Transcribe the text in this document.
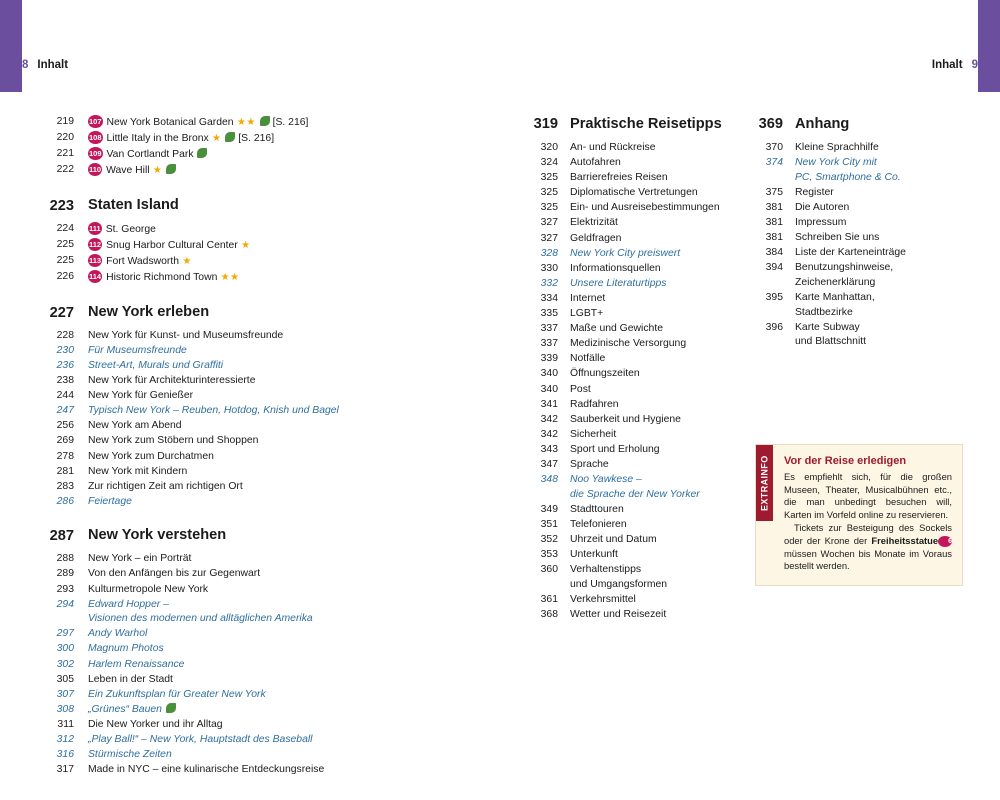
8 Inhalt	Inhalt 9
219	107 New York Botanical Garden ★★  [S. 216]
220	108 Little Italy in the Bronx ★  [S. 216]
221	109 Van Cortlandt Park
222	110 Wave Hill ★
223 Staten Island
224	111 St. George
225	112 Snug Harbor Cultural Center ★
225	113 Fort Wadsworth ★
226	114 Historic Richmond Town ★★
227 New York erleben
228	New York für Kunst- und Museumsfreunde
230	Für Museumsfreunde
236	Street-Art, Murals und Graffiti
238	New York für Architekturinteressierte
244	New York für Genießer
247	Typisch New York – Reuben, Hotdog, Knish und Bagel
256	New York am Abend
269	New York zum Stöbern und Shoppen
278	New York zum Durchatmen
281	New York mit Kindern
283	Zur richtigen Zeit am richtigen Ort
286	Feiertage
287 New York verstehen
288	New York – ein Porträt
289	Von den Anfängen bis zur Gegenwart
293	Kulturmetropole New York
294	Edward Hopper –
Visionen des modernen und alltäglichen Amerika
297	Andy Warhol
300	Magnum Photos
302	Harlem Renaissance
305	Leben in der Stadt
307	Ein Zukunftsplan für Greater New York
308	„Grünes“ Bauen
311	Die New Yorker und ihr Alltag
312	„Play Ball!“ – New York, Hauptstadt des Baseball
316	Stürmische Zeiten
317	Made in NYC – eine kulinarische Entdeckungsreise
319 Praktische Reisetipps
320	An- und Rückreise
324	Autofahren
325	Barrierefreies Reisen
325	Diplomatische Vertretungen
325	Ein- und Ausreisebestimmungen
327	Elektrizität
327	Geldfragen
328	New York City preiswert
330	Informationsquellen
332	Unsere Literaturtipps
334	Internet
335	LGBT+
337	Maße und Gewichte
337	Medizinische Versorgung
339	Notfälle
340	Öffnungszeiten
340	Post
341	Radfahren
342	Sauberkeit und Hygiene
342	Sicherheit
343	Sport und Erholung
347	Sprache
348	Noo Yawkese –
die Sprache der New Yorker
349	Stadttouren
351	Telefonieren
352	Uhrzeit und Datum
353	Unterkunft
360	Verhaltenstipps
und Umgangsformen
361	Verkehrsmittel
368	Wetter und Reisezeit
369 Anhang
370	Kleine Sprachhilfe
374	New York City mit
PC, Smartphone & Co.
375	Register
381	Die Autoren
381	Impressum
381	Schreiben Sie uns
384	Liste der Karteneinträge
394	Benutzungshinweise,
Zeichenerklärung
395	Karte Manhattan,
Stadtbezirke
396	Karte Subway
und Blattschnitt
EXTRAINFO	Vor der Reise erledigen

Es empfiehlt sich, für die großen Museen, Theater, Musicalbühnen etc., die man unbedingt besuchen will, Karten im Vorfeld online zu reservieren.

Tickets zur Besteigung des Sockels oder der Krone der Freiheitsstatue 6 müssen Wochen bis Monate im Voraus bestellt werden.
